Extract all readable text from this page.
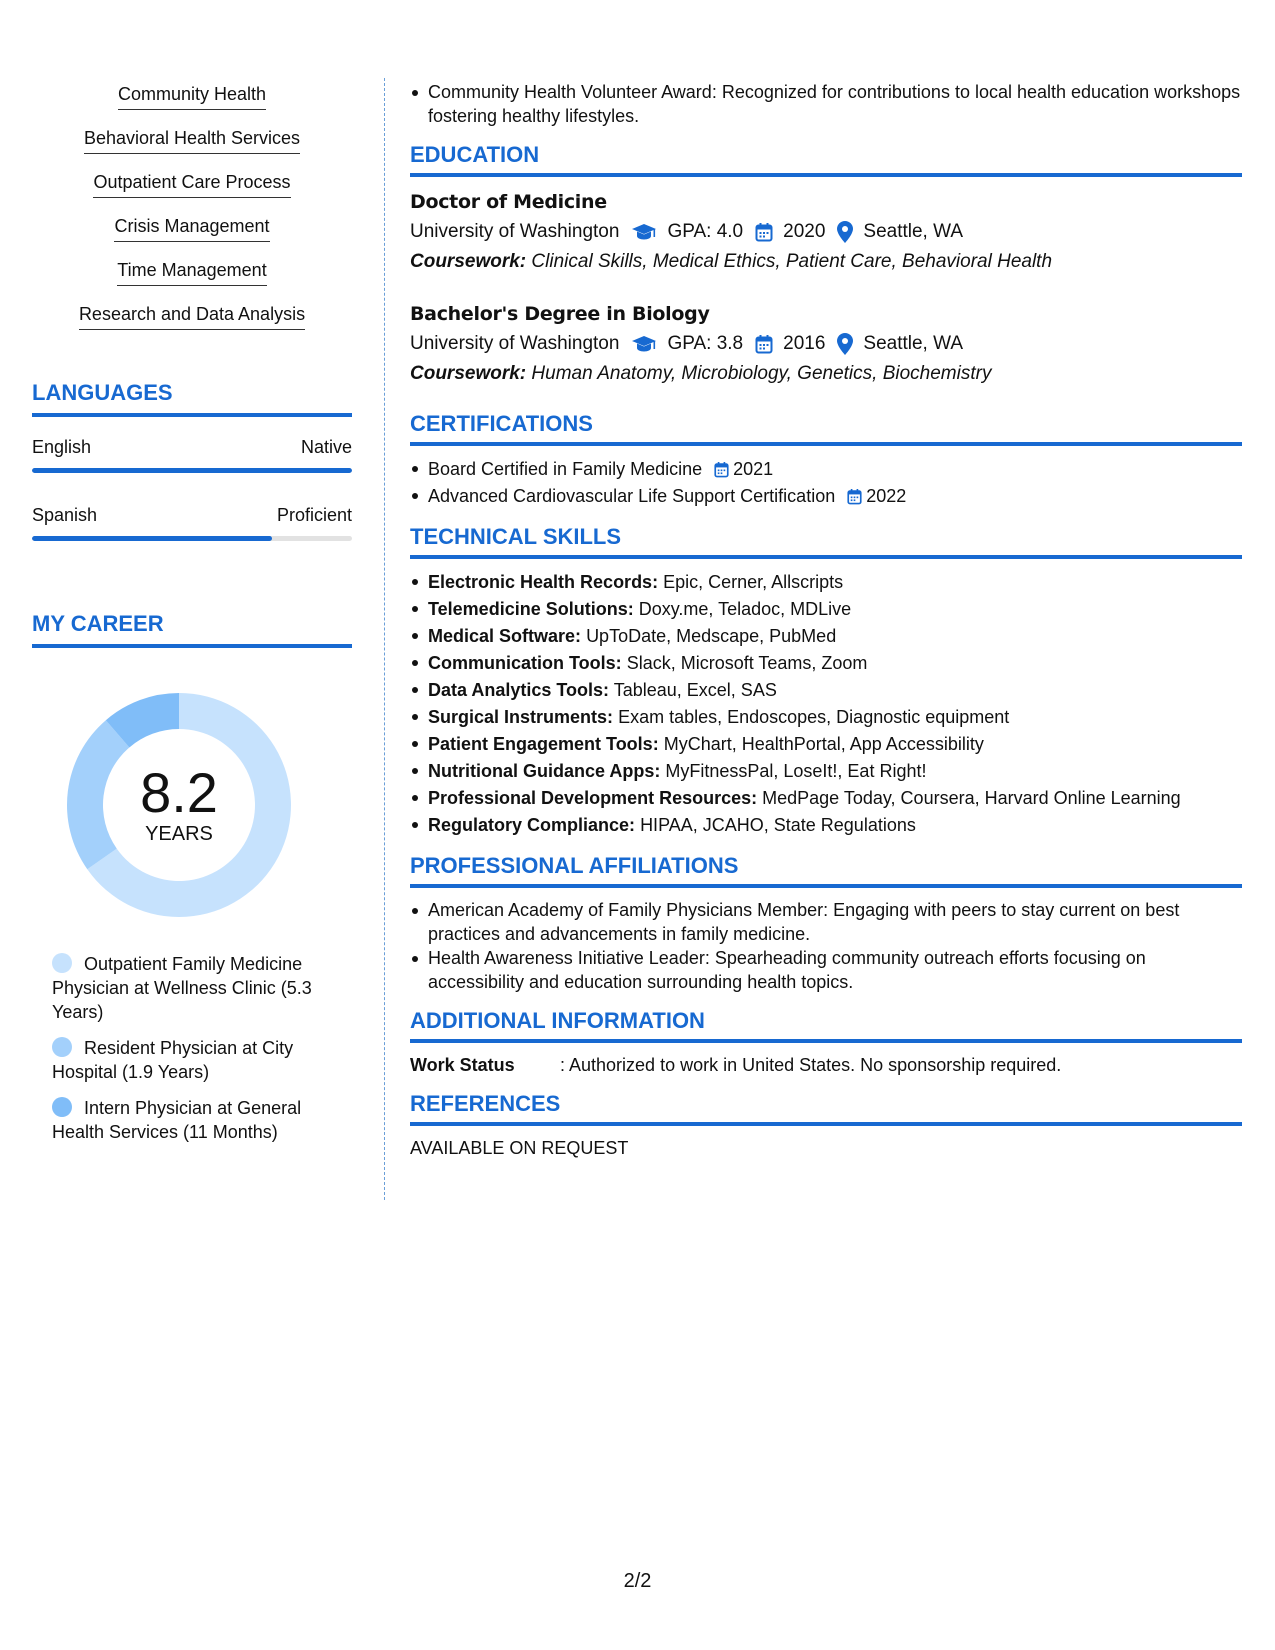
Community Health
Behavioral Health Services
Outpatient Care Process
Crisis Management
Time Management
Research and Data Analysis
LANGUAGES
English	Native
Spanish	Proficient
MY CAREER
8.2
YEARS
Outpatient Family Medicine Physician at Wellness Clinic (5.3 Years)
Resident Physician at City Hospital (1.9 Years)
Intern Physician at General Health Services (11 Months)
Community Health Volunteer Award: Recognized for contributions to local health education workshops fostering healthy lifestyles.
EDUCATION
Doctor of Medicine
University of Washington	GPA: 4.0 2020 Seattle, WA
Coursework: Clinical Skills, Medical Ethics, Patient Care, Behavioral Health
Bachelor's Degree in Biology
University of Washington	GPA: 3.8 2016 Seattle, WA
Coursework: Human Anatomy, Microbiology, Genetics, Biochemistry
CERTIFICATIONS
Board Certified in Family Medicine 2021
Advanced Cardiovascular Life Support Certification 2022
TECHNICAL SKILLS
Electronic Health Records: Epic, Cerner, Allscripts
Telemedicine Solutions: Doxy.me, Teladoc, MDLive
Medical Software: UpToDate, Medscape, PubMed
Communication Tools: Slack, Microsoft Teams, Zoom
Data Analytics Tools: Tableau, Excel, SAS
Surgical Instruments: Exam tables, Endoscopes, Diagnostic equipment
Patient Engagement Tools: MyChart, HealthPortal, App Accessibility
Nutritional Guidance Apps: MyFitnessPal, LoseIt!, Eat Right!
Professional Development Resources: MedPage Today, Coursera, Harvard Online Learning
Regulatory Compliance: HIPAA, JCAHO, State Regulations
PROFESSIONAL AFFILIATIONS
American Academy of Family Physicians Member: Engaging with peers to stay current on best practices and advancements in family medicine.
Health Awareness Initiative Leader: Spearheading community outreach efforts focusing on accessibility and education surrounding health topics.
ADDITIONAL INFORMATION
Work Status	: Authorized to work in United States. No sponsorship required.
REFERENCES
AVAILABLE ON REQUEST
2/2
